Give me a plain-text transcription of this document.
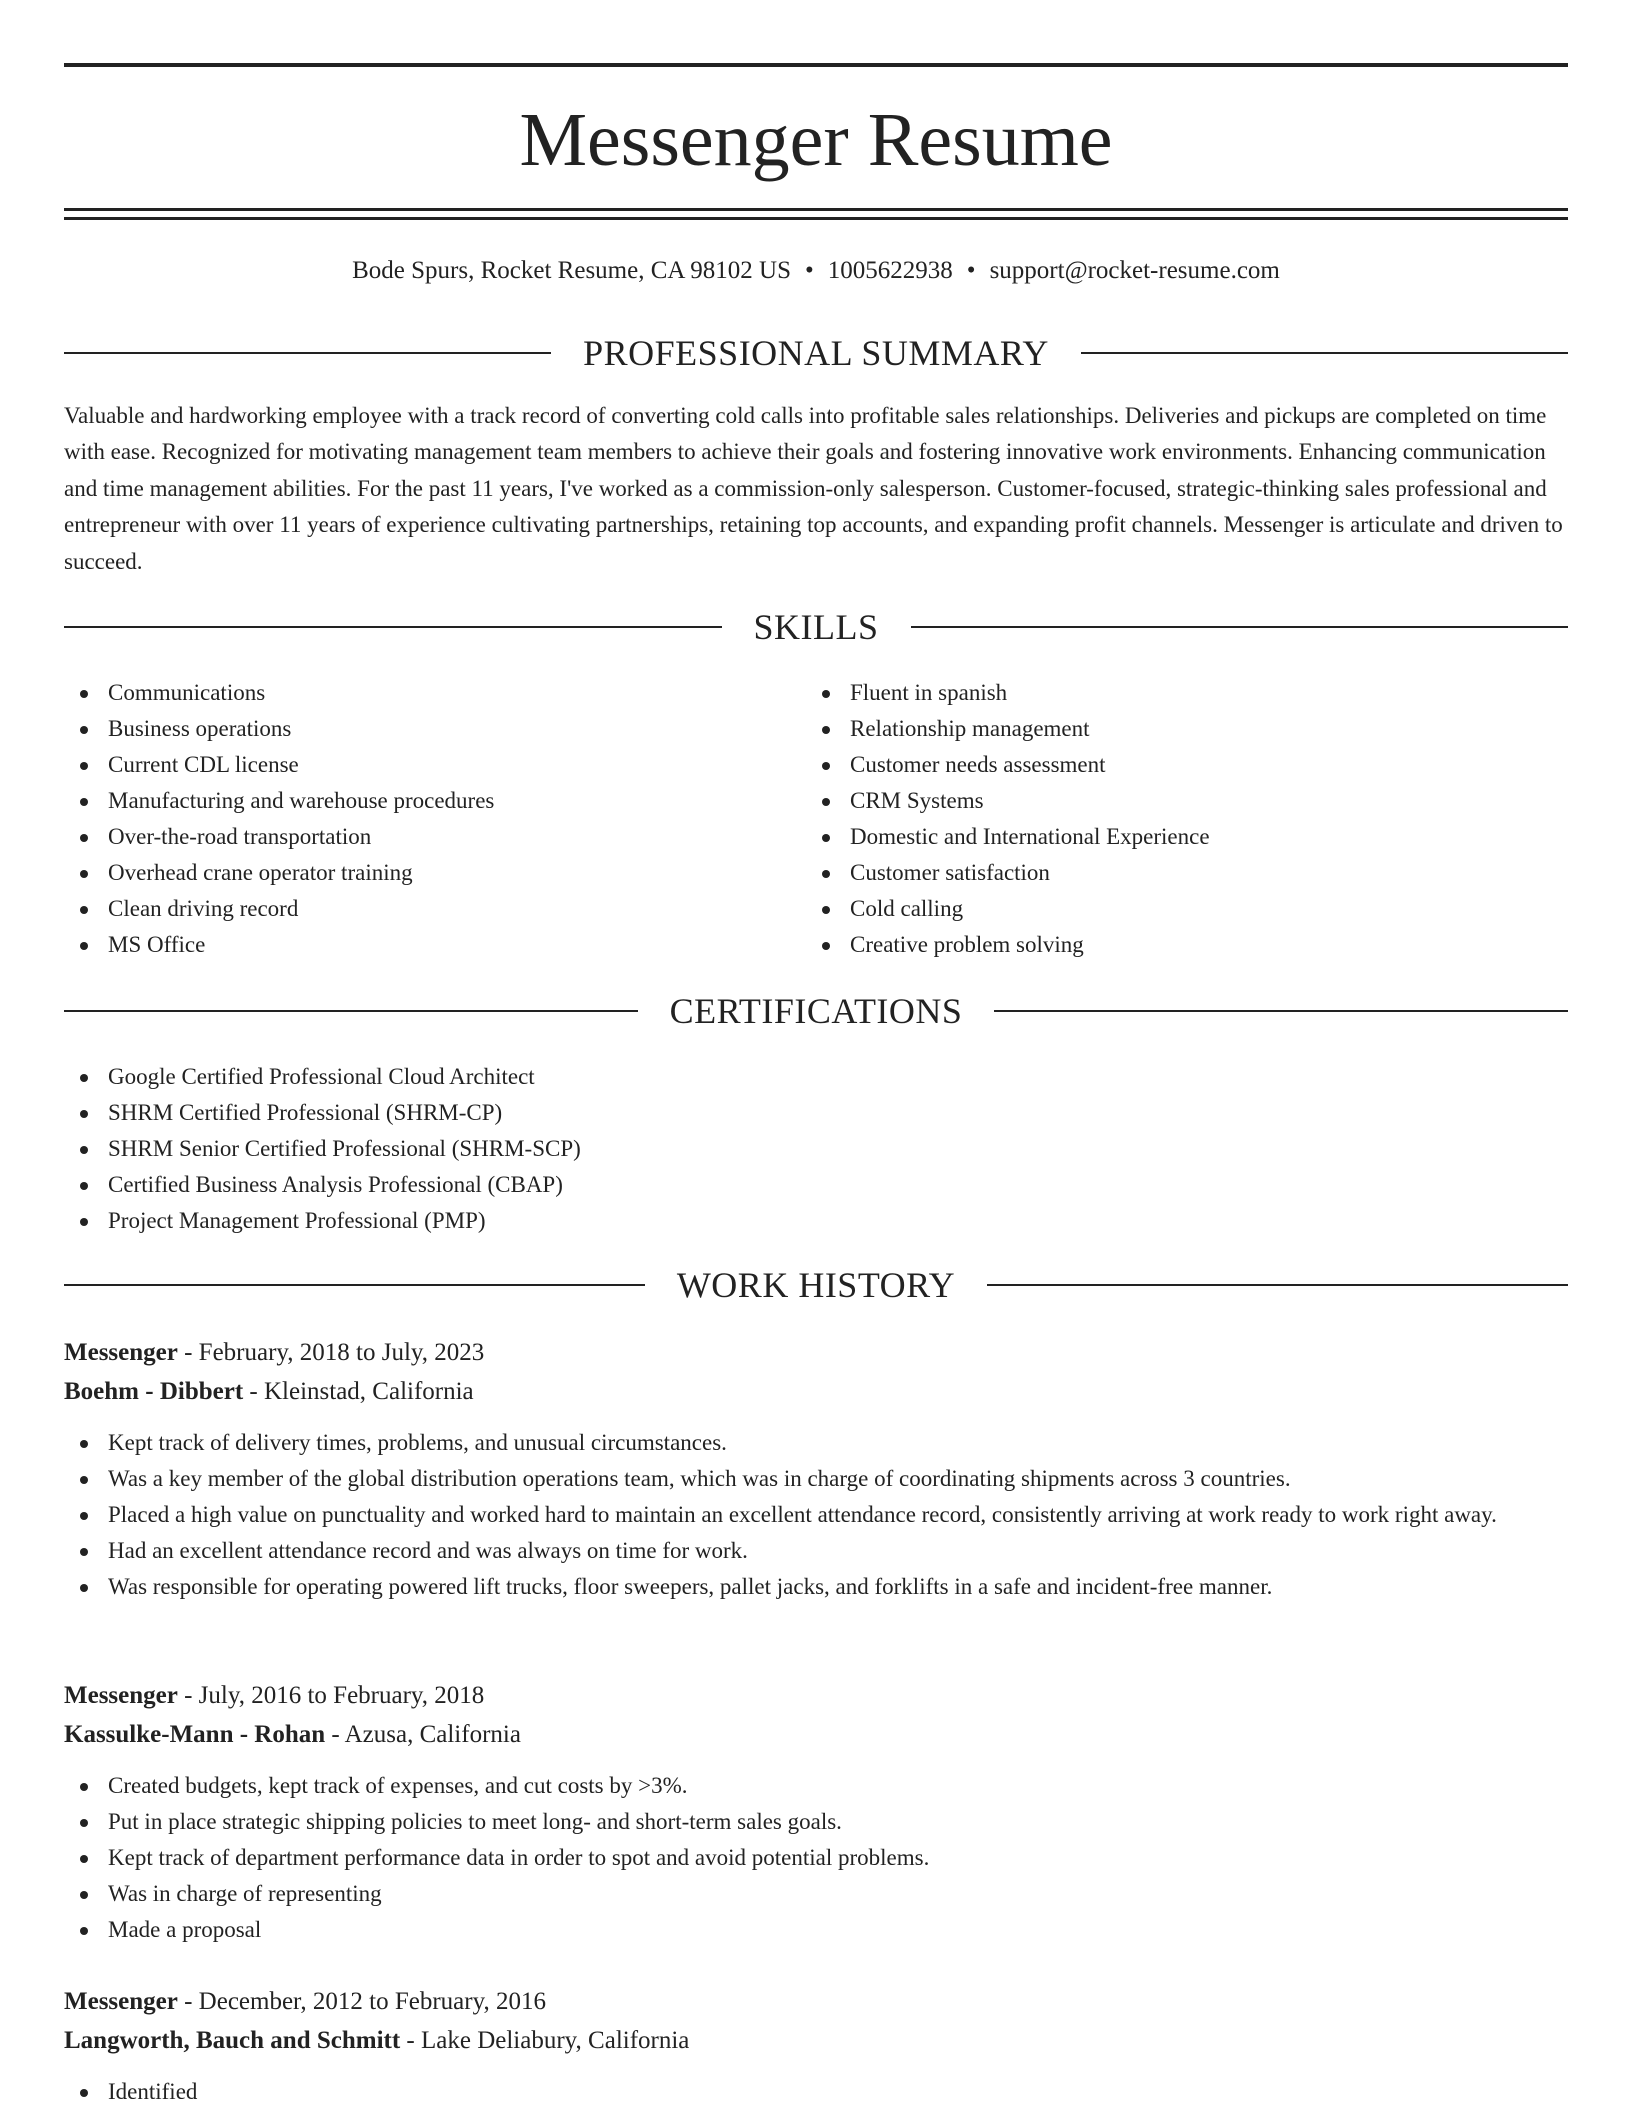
Messenger Resume
Bode Spurs, Rocket Resume, CA 98102 US • 1005622938 • support@rocket-resume.com
PROFESSIONAL SUMMARY

Valuable and hardworking employee with a track record of converting cold calls into profitable sales relationships. Deliveries and pickups are completed on time with ease. Recognized for motivating management team members to achieve their goals and fostering innovative work environments. Enhancing communication and time management abilities. For the past 11 years, I've worked as a commission-only salesperson. Customer-focused, strategic-thinking sales professional and entrepreneur with over 11 years of experience cultivating partnerships, retaining top accounts, and expanding profit channels. Messenger is articulate and driven to succeed.

SKILLS
Communications
Business operations
Current CDL license
Manufacturing and warehouse procedures
Over-the-road transportation
Overhead crane operator training
Clean driving record
MS Office
Fluent in spanish
Relationship management
Customer needs assessment
CRM Systems
Domestic and International Experience
Customer satisfaction
Cold calling
Creative problem solving
CERTIFICATIONS
Google Certified Professional Cloud Architect
SHRM Certified Professional (SHRM-CP)
SHRM Senior Certified Professional (SHRM-SCP)
Certified Business Analysis Professional (CBAP)
Project Management Professional (PMP)
WORK HISTORY
Messenger - February, 2018 to July, 2023
Boehm - Dibbert - Kleinstad, California
Kept track of delivery times, problems, and unusual circumstances.
Was a key member of the global distribution operations team, which was in charge of coordinating shipments across 3 countries.
Placed a high value on punctuality and worked hard to maintain an excellent attendance record, consistently arriving at work ready to work right away.
Had an excellent attendance record and was always on time for work.
Was responsible for operating powered lift trucks, floor sweepers, pallet jacks, and forklifts in a safe and incident-free manner.
Messenger - July, 2016 to February, 2018
Kassulke-Mann - Rohan - Azusa, California
Created budgets, kept track of expenses, and cut costs by >3%.
Put in place strategic shipping policies to meet long- and short-term sales goals.
Kept track of department performance data in order to spot and avoid potential problems.
Was in charge of representing
Made a proposal
Messenger - December, 2012 to February, 2016
Langworth, Bauch and Schmitt - Lake Deliabury, California
Identified
